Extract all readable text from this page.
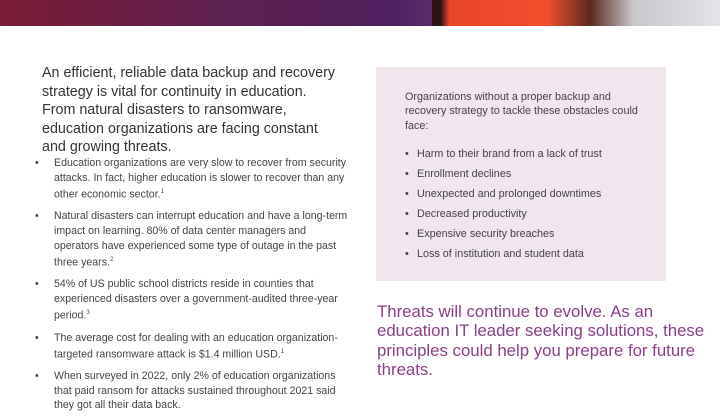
An efficient, reliable data backup and recovery strategy is vital for continuity in education. From natural disasters to ransomware, education organizations are facing constant and growing threats.

• Education organizations are very slow to recover from security attacks. In fact, higher education is slower to recover than any other economic sector.$^1$
• Natural disasters can interrupt education and have a long-term impact on learning. 80% of data center managers and operators have experienced some type of outage in the past three years.$^2$
• 54% of US public school districts reside in counties that experienced disasters over a government-audited three-year period.$^3$
• The average cost for dealing with an education organization-targeted ransomware attack is $1.4 million USD.$^1$
• When surveyed in 2022, only 2% of education organizations that paid ransom for attacks sustained throughout 2021 said they got all their data back.

Organizations without a proper backup and recovery strategy to tackle these obstacles could face:

• Harm to their brand from a lack of trust
• Enrollment declines
• Unexpected and prolonged downtimes
• Decreased productivity
• Expensive security breaches
• Loss of institution and student data

Threats will continue to evolve. As an education IT leader seeking solutions, these principles could help you prepare for future threats.
